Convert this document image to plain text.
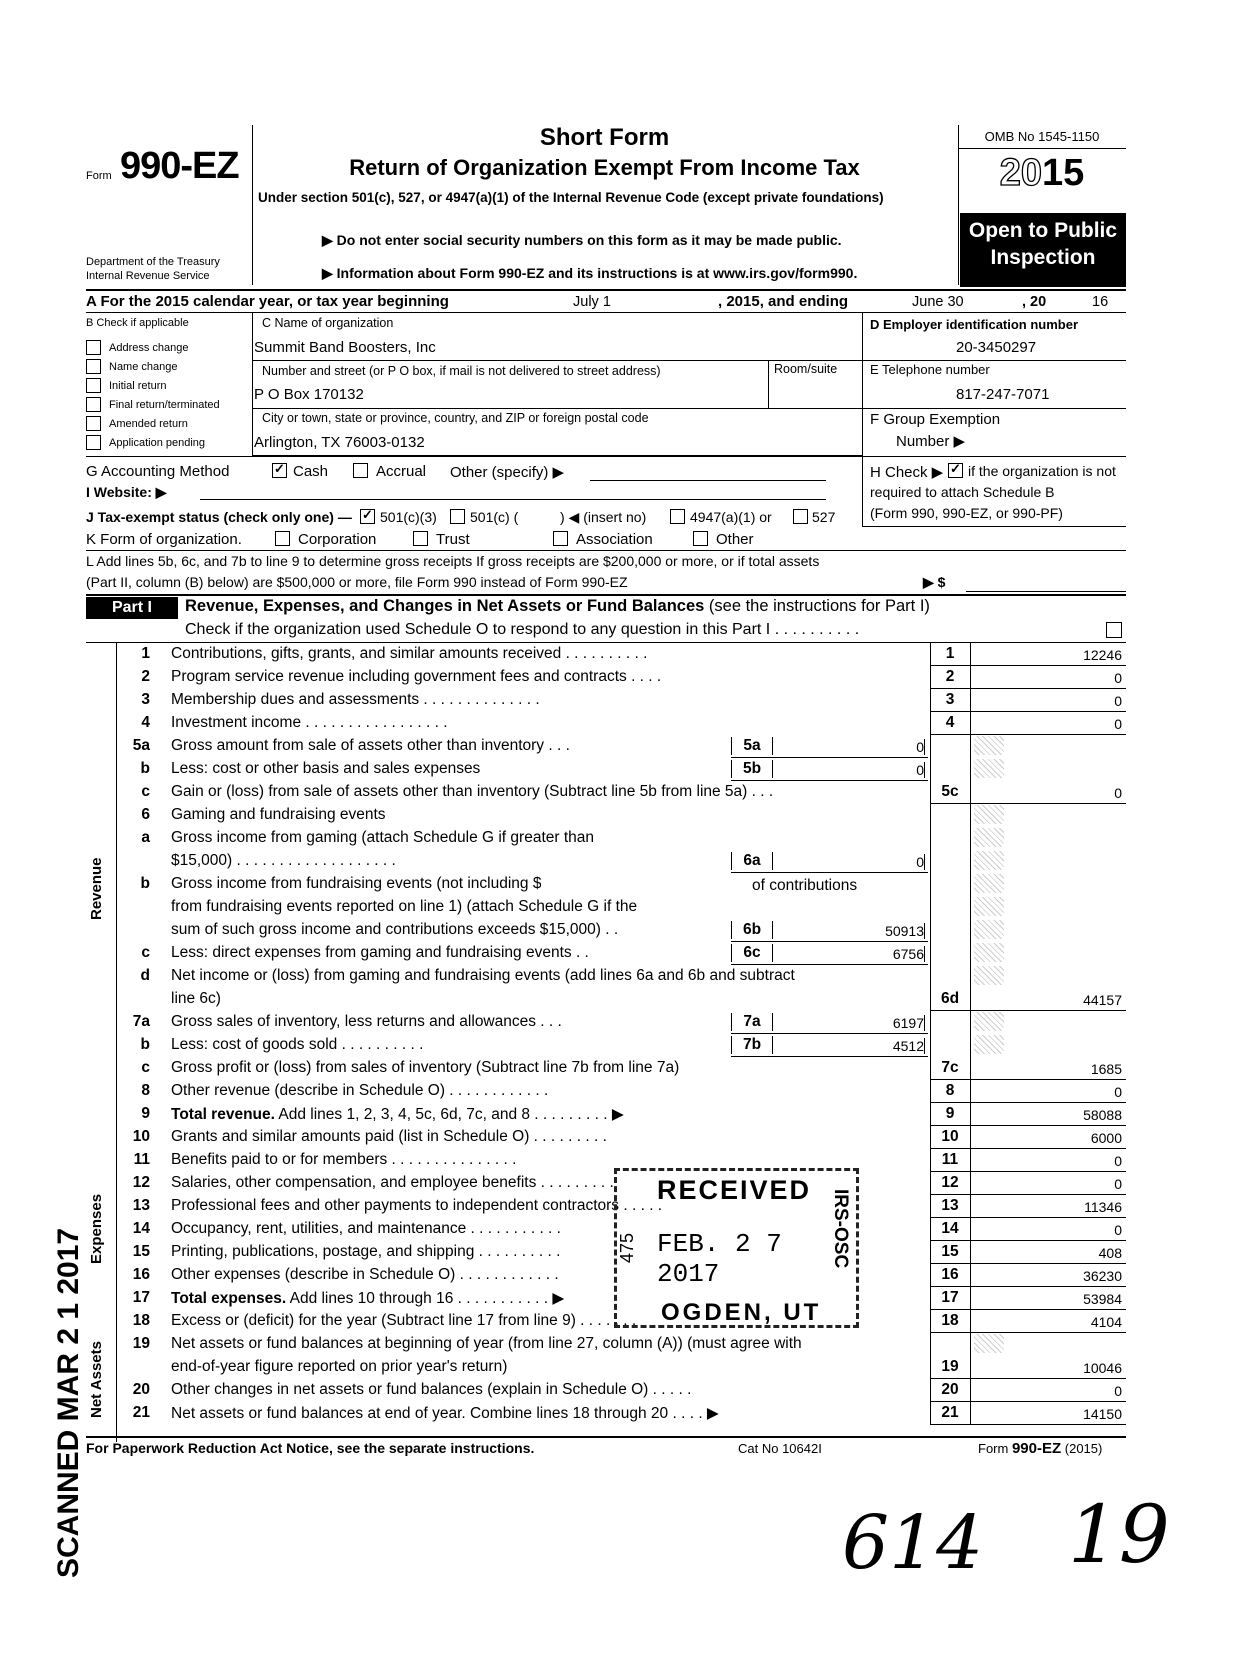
Form 990-EZ
Department of the Treasury
Internal Revenue Service
Short Form
Return of Organization Exempt From Income Tax
Under section 501(c), 527, or 4947(a)(1) of the Internal Revenue Code (except private foundations)
▶ Do not enter social security numbers on this form as it may be made public.
▶ Information about Form 990-EZ and its instructions is at www.irs.gov/form990.
OMB No 1545-1150
2015
Open to Public
Inspection
A For the 2015 calendar year, or tax year beginning	July 1	, 2015, and ending	June 30	, 20	16
B Check if applicable
Address change
Name change
Initial return
Final return/terminated
Amended return
Application pending
C Name of organization
Summit Band Boosters, Inc
Number and street (or P O box, if mail is not delivered to street address)	Room/suite
P O Box 170132
City or town, state or province, country, and ZIP or foreign postal code
Arlington, TX 76003-0132
D Employer identification number
20-3450297
E Telephone number
817-247-7071
F Group Exemption
Number ▶
G Accounting Method ✓	Cash	Accrual Other (specify) ▶	H Check ▶ ✓ if the organization is not
required to attach Schedule B
(Form 990, 990-EZ, or 990-PF)
I Website: ▶
J Tax-exempt status (check only one) — ✓ 501(c)(3) 501(c) (	) ◀ (insert no)	4947(a)(1) or	527
K Form of organization.	Corporation	Trust	Association	Other
L Add lines 5b, 6c, and 7b to line 9 to determine gross receipts If gross receipts are $200,000 or more, or if total assets
(Part II, column (B) below) are $500,000 or more, file Form 990 instead of Form 990-EZ	▶ $
Part I	Revenue, Expenses, and Changes in Net Assets or Fund Balances (see the instructions for Part I)
Check if the organization used Schedule O to respond to any question in this Part I . . . . . . . . . .
1 Contributions, gifts, grants, and similar amounts received . . . . . . . . . .	1	12246
2 Program service revenue including government fees and contracts . . . .	2	0
3 Membership dues and assessments . . . . . . . . . . . . . .	3	0
4 Investment income . . . . . . . . . . . . . . . . .	4	0
5a Gross amount from sale of assets other than inventory . . .	5a	0
b Less: cost or other basis and sales expenses	5b	0
c Gain or (loss) from sale of assets other than inventory (Subtract line 5b from line 5a) . . .	5c	0
6 Gaming and fundraising events
a Gross income from gaming (attach Schedule G if greater than
$15,000) . . . . . . . . . . . . . . . . . . .	6a	0
b Gross income from fundraising events (not including $
from fundraising events reported on line 1) (attach Schedule G if the
sum of such gross income and contributions exceeds $15,000) . .	6b	50913
c Less: direct expenses from gaming and fundraising events . .	6c	6756
d Net income or (loss) from gaming and fundraising events (add lines 6a and 6b and subtract
line 6c)	6d	44157
7a Gross sales of inventory, less returns and allowances . . .	7a	6197
b Less: cost of goods sold . . . . . . . . . .	7b	4512
c Gross profit or (loss) from sales of inventory (Subtract line 7b from line 7a)	7c	1685
8 Other revenue (describe in Schedule O) . . . . . . . . . . . .	8	0
9 Total revenue. Add lines 1, 2, 3, 4, 5c, 6d, 7c, and 8 . . . . . . . . . ▶	9	58088
10 Grants and similar amounts paid (list in Schedule O) . . . . . . . . .	10	6000
11 Benefits paid to or for members . . . . . . . . . . . . . . .	11	0
12 Salaries, other compensation, and employee benefits . . . . . . . . .	12	0
13 Professional fees and other payments to independent contractors . . . . .	13	11346
14 Occupancy, rent, utilities, and maintenance . . . . . . . . . . .	14	0
15 Printing, publications, postage, and shipping . . . . . . . . . .	15	408
16 Other expenses (describe in Schedule O) . . . . . . . . . . . .	16	36230
17 Total expenses. Add lines 10 through 16 . . . . . . . . . . . ▶	17	53984
18 Excess or (deficit) for the year (Subtract line 17 from line 9) . . . . . . .	18	4104
19 Net assets or fund balances at beginning of year (from line 27, column (A)) (must agree with
end-of-year figure reported on prior year's return)	19	10046
20 Other changes in net assets or fund balances (explain in Schedule O) . . . . .	20	0
21 Net assets or fund balances at end of year. Combine lines 18 through 20 . . . . ▶	21	14150
Revenue
Expenses
Net Assets
of contributions
For Paperwork Reduction Act Notice, see the separate instructions.	Cat No 10642I	Form 990-EZ (2015)
RECEIVED
FEB. 2 7 2017
OGDEN, UT
475	IRS-OSC
SCANNED MAR 2 1 2017	614 19
